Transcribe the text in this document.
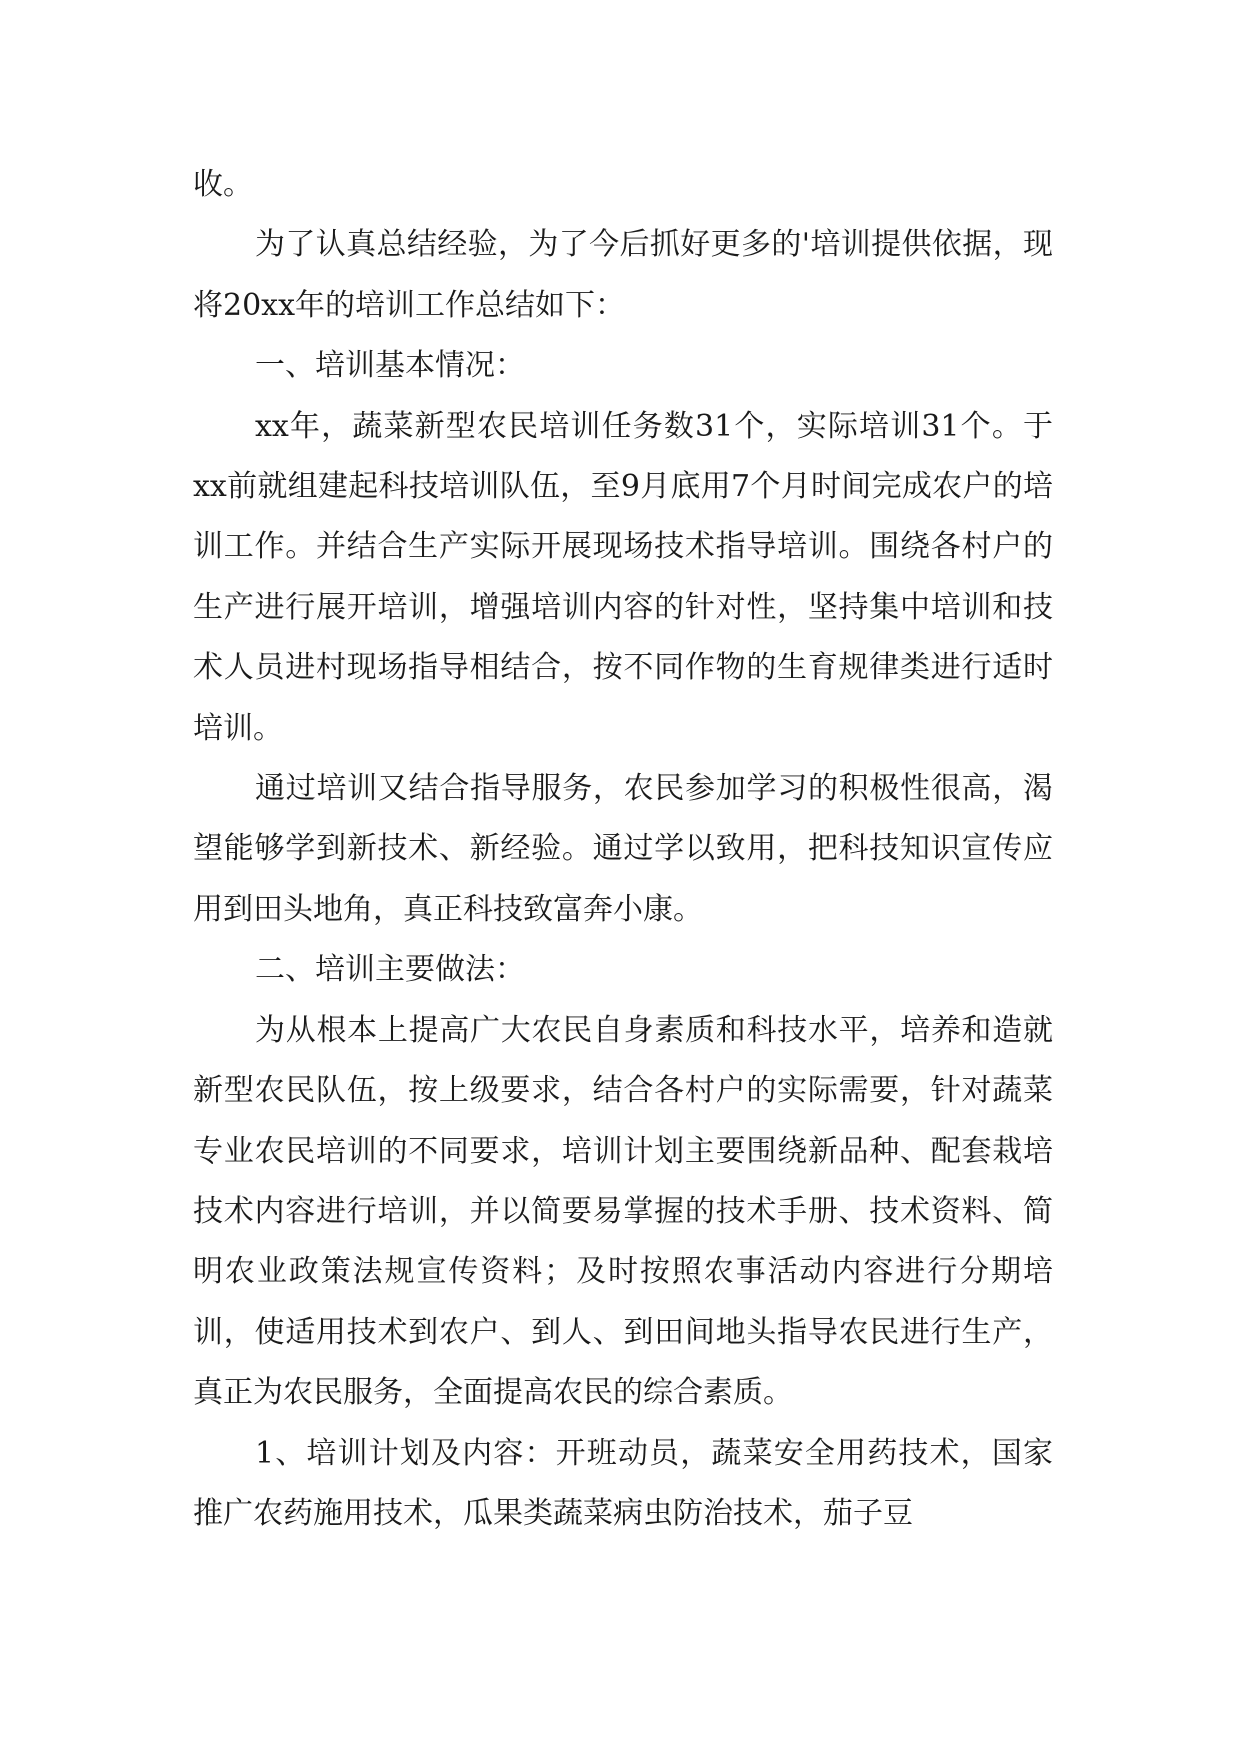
收。

为了认真总结经验，为了今后抓好更多的'培训提供依据，现将20xx年的培训工作总结如下：

一、培训基本情况：

xx年，蔬菜新型农民培训任务数31个，实际培训31个。于xx前就组建起科技培训队伍，至9月底用7个月时间完成农户的培训工作。并结合生产实际开展现场技术指导培训。围绕各村户的生产进行展开培训，增强培训内容的针对性，坚持集中培训和技术人员进村现场指导相结合，按不同作物的生育规律类进行适时培训。

通过培训又结合指导服务，农民参加学习的积极性很高，渴望能够学到新技术、新经验。通过学以致用，把科技知识宣传应用到田头地角，真正科技致富奔小康。

二、培训主要做法：

为从根本上提高广大农民自身素质和科技水平，培养和造就新型农民队伍，按上级要求，结合各村户的实际需要，针对蔬菜专业农民培训的不同要求，培训计划主要围绕新品种、配套栽培技术内容进行培训，并以简要易掌握的技术手册、技术资料、简明农业政策法规宣传资料；及时按照农事活动内容进行分期培训，使适用技术到农户、到人、到田间地头指导农民进行生产，真正为农民服务，全面提高农民的综合素质。

1、培训计划及内容：开班动员，蔬菜安全用药技术，国家推广农药施用技术，瓜果类蔬菜病虫防治技术，茄子豆
